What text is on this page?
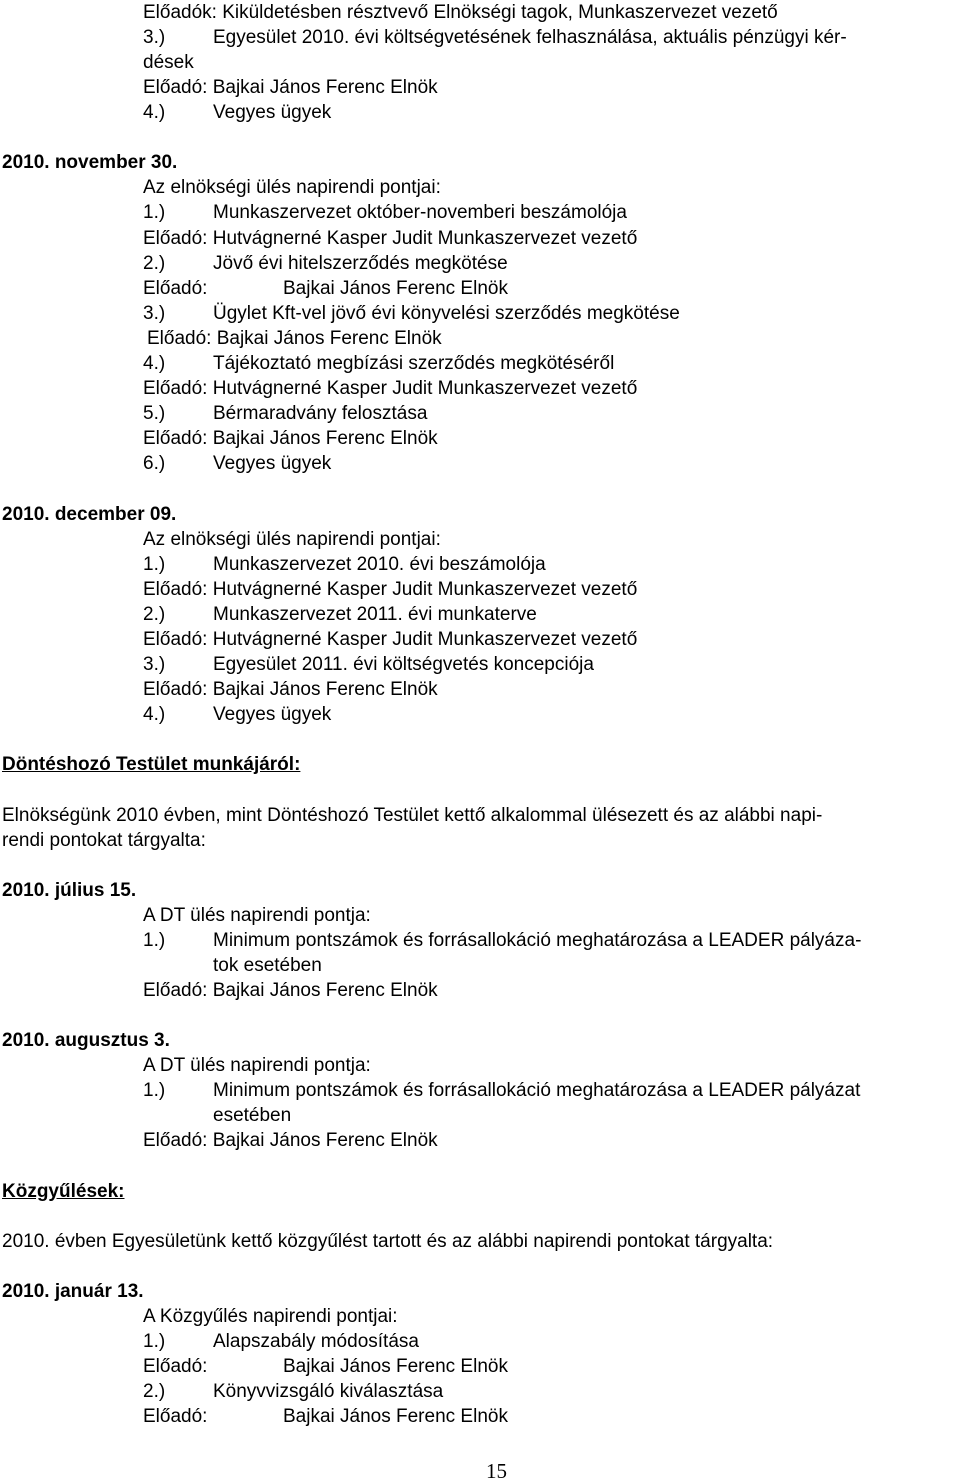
Előadók: Kiküldetésben résztvevő Elnökségi tagok, Munkaszervezet vezető
3.)	Egyesület 2010. évi költségvetésének felhasználása, aktuális pénzügyi kér-
dések
Előadó: Bajkai János Ferenc Elnök
4.)	Vegyes ügyek
2010. november 30.
Az elnökségi ülés napirendi pontjai:
1.)	Munkaszervezet október-novemberi beszámolója
Előadó: Hutvágnerné Kasper Judit Munkaszervezet vezető
2.)	Jövő évi hitelszerződés megkötése
Előadó:	Bajkai János Ferenc Elnök
3.)	Ügylet Kft-vel jövő évi könyvelési szerződés megkötése
Előadó: Bajkai János Ferenc Elnök
4.)	Tájékoztató megbízási szerződés megkötéséről
Előadó: Hutvágnerné Kasper Judit Munkaszervezet vezető
5.)	Bérmaradvány felosztása
Előadó: Bajkai János Ferenc Elnök
6.)	Vegyes ügyek
2010. december 09.
Az elnökségi ülés napirendi pontjai:
1.)	Munkaszervezet 2010. évi beszámolója
Előadó: Hutvágnerné Kasper Judit Munkaszervezet vezető
2.)	Munkaszervezet 2011. évi munkaterve
Előadó: Hutvágnerné Kasper Judit Munkaszervezet vezető
3.)	Egyesület 2011. évi költségvetés koncepciója
Előadó: Bajkai János Ferenc Elnök
4.)	Vegyes ügyek
Döntéshozó Testület munkájáról:
Elnökségünk 2010 évben, mint Döntéshozó Testület kettő alkalommal ülésezett és az alábbi napi-
rendi pontokat tárgyalta:
2010. július 15.
A DT ülés napirendi pontja:
1.)	Minimum pontszámok és forrásallokáció meghatározása a LEADER pályáza-
tok esetében
Előadó: Bajkai János Ferenc Elnök
2010. augusztus 3.
A DT ülés napirendi pontja:
1.)	Minimum pontszámok és forrásallokáció meghatározása a LEADER pályázat
esetében
Előadó: Bajkai János Ferenc Elnök
Közgyűlések:
2010. évben Egyesületünk kettő közgyűlést tartott és az alábbi napirendi pontokat tárgyalta:
2010. január 13.
A Közgyűlés napirendi pontjai:
1.)	Alapszabály módosítása
Előadó:	Bajkai János Ferenc Elnök
2.)	Könyvvizsgáló kiválasztása
Előadó:	Bajkai János Ferenc Elnök
15
